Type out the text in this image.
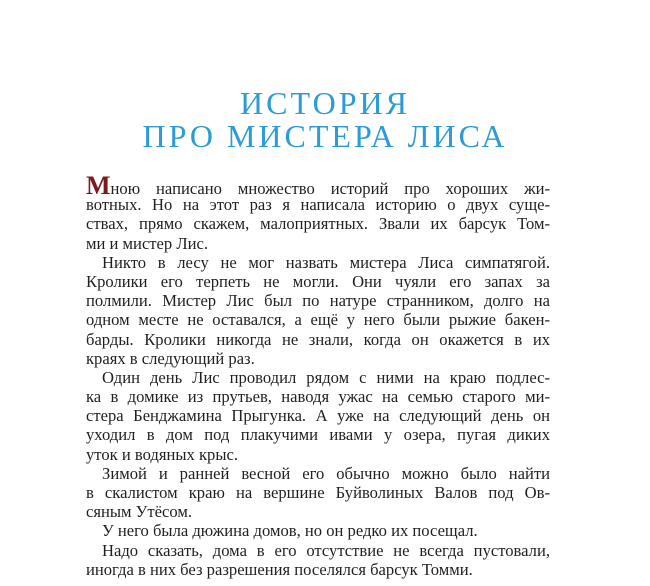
ИСТОРИЯ
ПРО МИСТЕРА ЛИСА
Мною написано множество историй про хороших жи-
вотных. Но на этот раз я написала историю о двух суще-
ствах, прямо скажем, малоприятных. Звали их барсук Том-
ми и мистер Лис.
Никто в лесу не мог назвать мистера Лиса симпатягой.
Кролики его терпеть не могли. Они чуяли его запах за
полмили. Мистер Лис был по натуре странником, долго на
одном месте не оставался, а ещё у него были рыжие бакен-
барды. Кролики никогда не знали, когда он окажется в их
краях в следующий раз.
Один день Лис проводил рядом с ними на краю подлес-
ка в домике из прутьев, наводя ужас на семью старого ми-
стера Бенджамина Прыгунка. А уже на следующий день он
уходил в дом под плакучими ивами у озера, пугая диких
уток и водяных крыс.
Зимой и ранней весной его обычно можно было найти
в скалистом краю на вершине Буйволиных Валов под Ов-
сяным Утёсом.
У него была дюжина домов, но он редко их посещал.
Надо сказать, дома в его отсутствие не всегда пустовали,
иногда в них без разрешения поселялся барсук Томми.
